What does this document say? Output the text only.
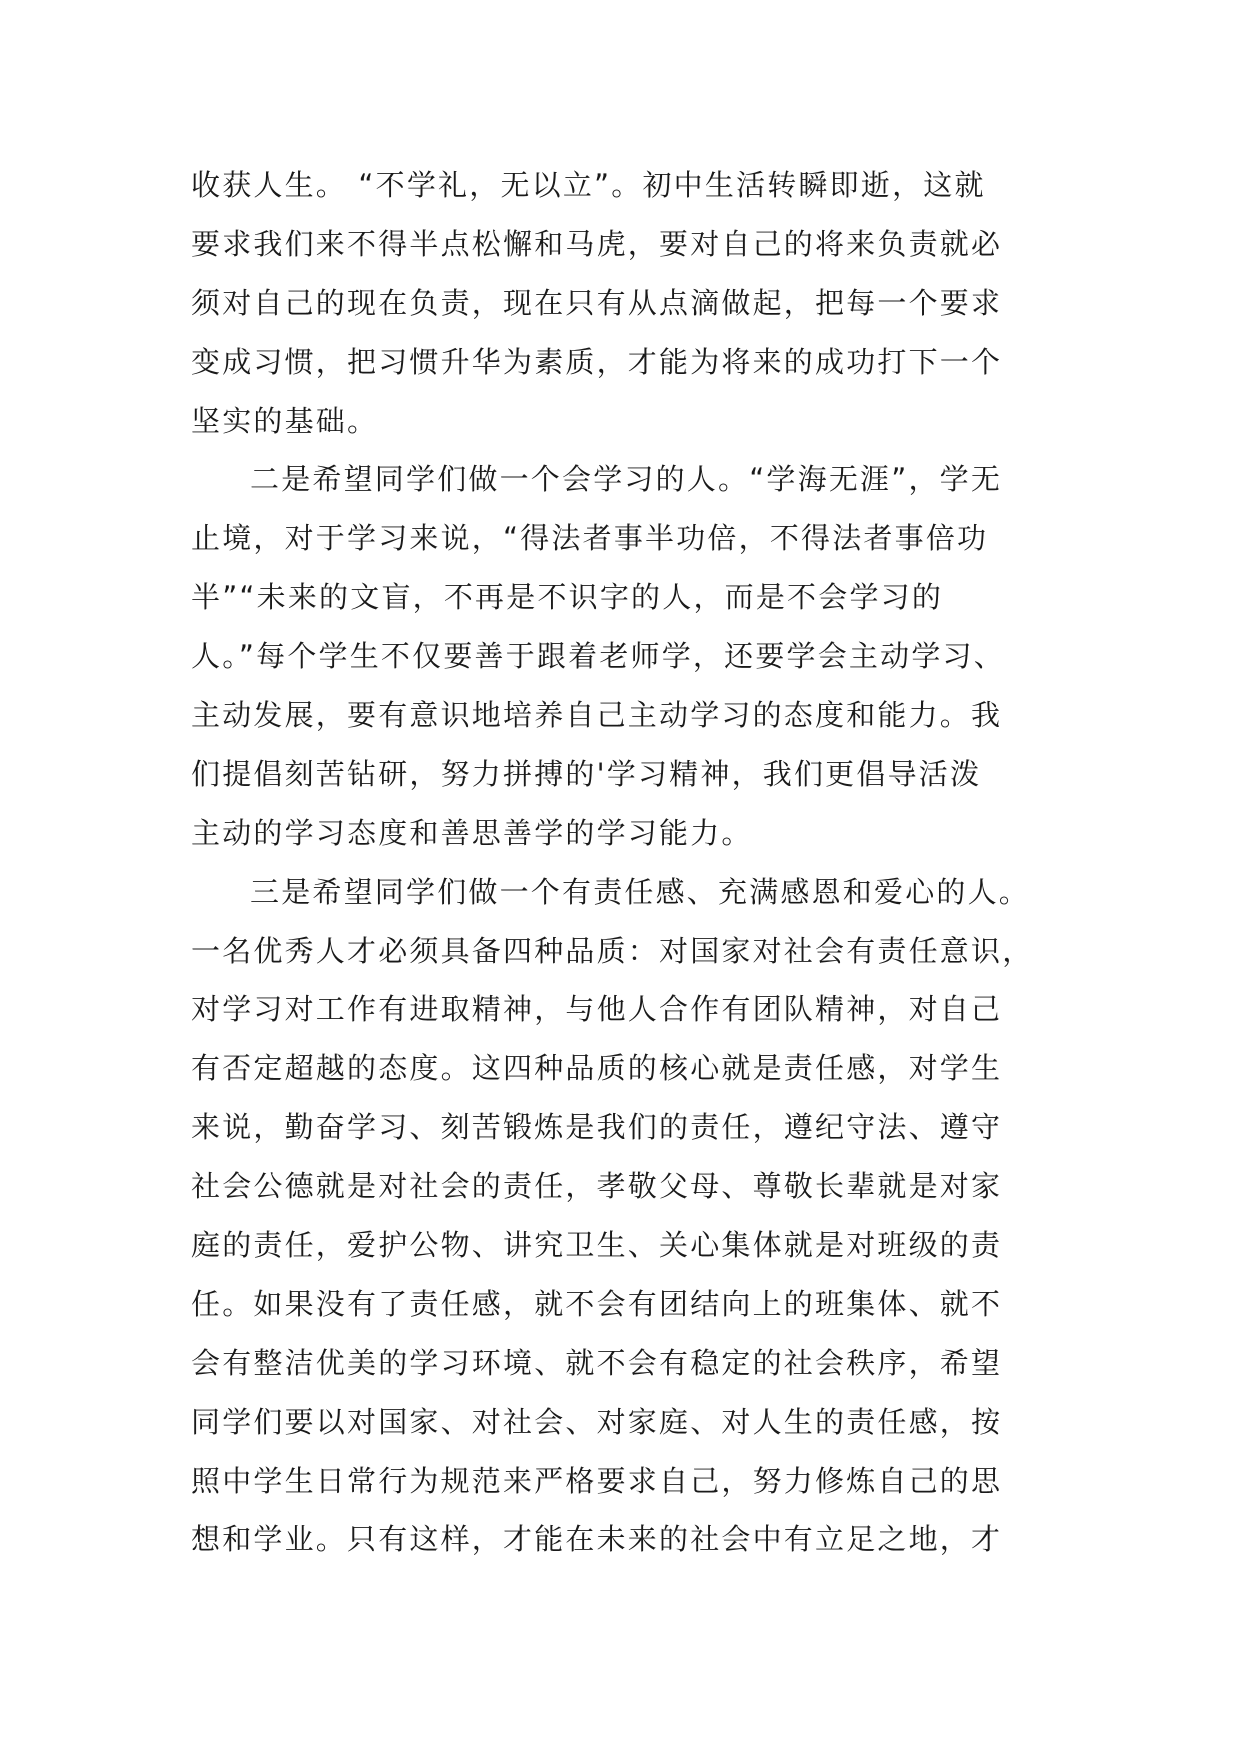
收获人生。 “不学礼，无以立”。初中生活转瞬即逝，这就
要求我们来不得半点松懈和马虎，要对自己的将来负责就必
须对自己的现在负责，现在只有从点滴做起，把每一个要求
变成习惯，把习惯升华为素质，才能为将来的成功打下一个
坚实的基础。
二是希望同学们做一个会学习的人。“学海无涯”，学无
止境，对于学习来说，“得法者事半功倍，不得法者事倍功
半”“未来的文盲，不再是不识字的人，而是不会学习的
人。”每个学生不仅要善于跟着老师学，还要学会主动学习、
主动发展，要有意识地培养自己主动学习的态度和能力。我
们提倡刻苦钻研，努力拼搏的'学习精神，我们更倡导活泼
主动的学习态度和善思善学的学习能力。
三是希望同学们做一个有责任感、充满感恩和爱心的人。
一名优秀人才必须具备四种品质：对国家对社会有责任意识，
对学习对工作有进取精神，与他人合作有团队精神，对自己
有否定超越的态度。这四种品质的核心就是责任感，对学生
来说，勤奋学习、刻苦锻炼是我们的责任，遵纪守法、遵守
社会公德就是对社会的责任，孝敬父母、尊敬长辈就是对家
庭的责任，爱护公物、讲究卫生、关心集体就是对班级的责
任。如果没有了责任感，就不会有团结向上的班集体、就不
会有整洁优美的学习环境、就不会有稳定的社会秩序，希望
同学们要以对国家、对社会、对家庭、对人生的责任感，按
照中学生日常行为规范来严格要求自己，努力修炼自己的思
想和学业。只有这样，才能在未来的社会中有立足之地，才
